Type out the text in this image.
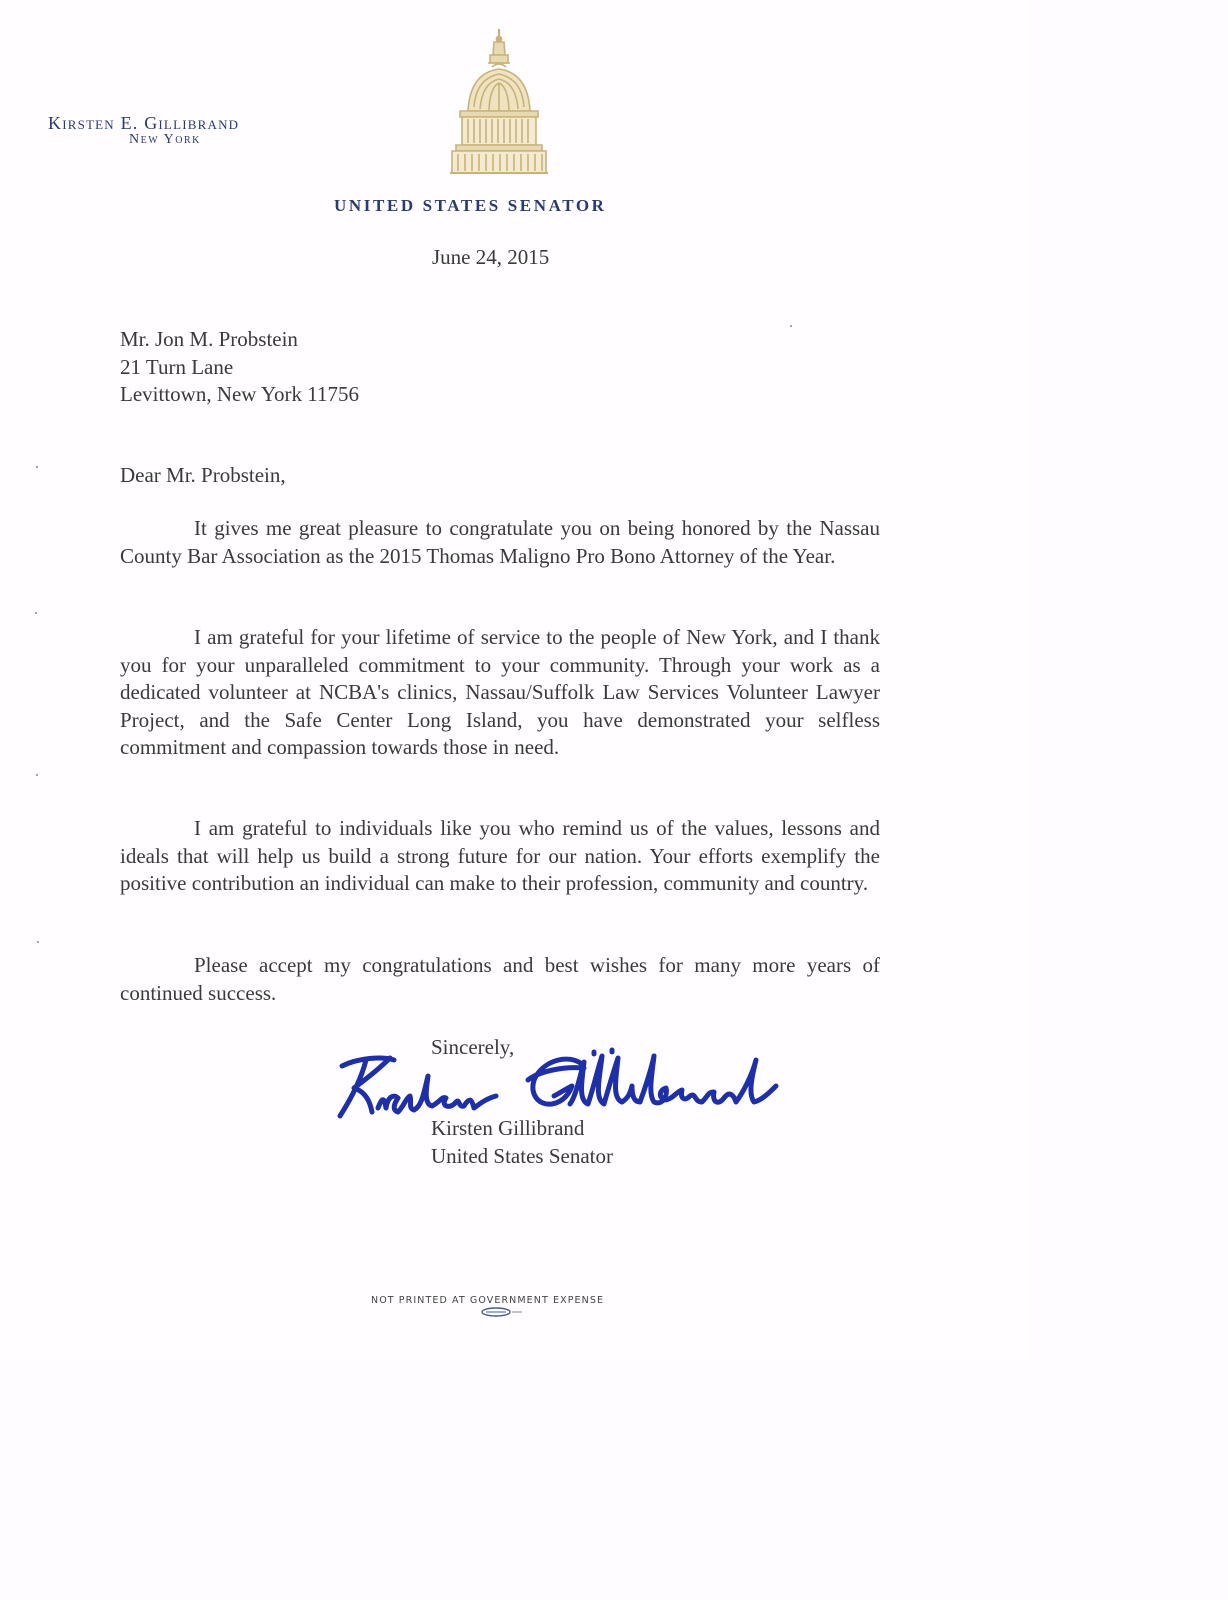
Kirsten E. Gillibrand
New York
UNITED STATES SENATOR
June 24, 2015
Mr. Jon M. Probstein
21 Turn Lane
Levittown, New York 11756
Dear Mr. Probstein,
It gives me great pleasure to congratulate you on being honored by the Nassau County Bar Association as the 2015 Thomas Maligno Pro Bono Attorney of the Year.
I am grateful for your lifetime of service to the people of New York, and I thank you for your unparalleled commitment to your community. Through your work as a dedicated volunteer at NCBA's clinics, Nassau/Suffolk Law Services Volunteer Lawyer Project, and the Safe Center Long Island, you have demonstrated your selfless commitment and compassion towards those in need.
I am grateful to individuals like you who remind us of the values, lessons and ideals that will help us build a strong future for our nation. Your efforts exemplify the positive contribution an individual can make to their profession, community and country.
Please accept my congratulations and best wishes for many more years of continued success.
Sincerely,
Kirsten Gillibrand
United States Senator
NOT PRINTED AT GOVERNMENT EXPENSE
